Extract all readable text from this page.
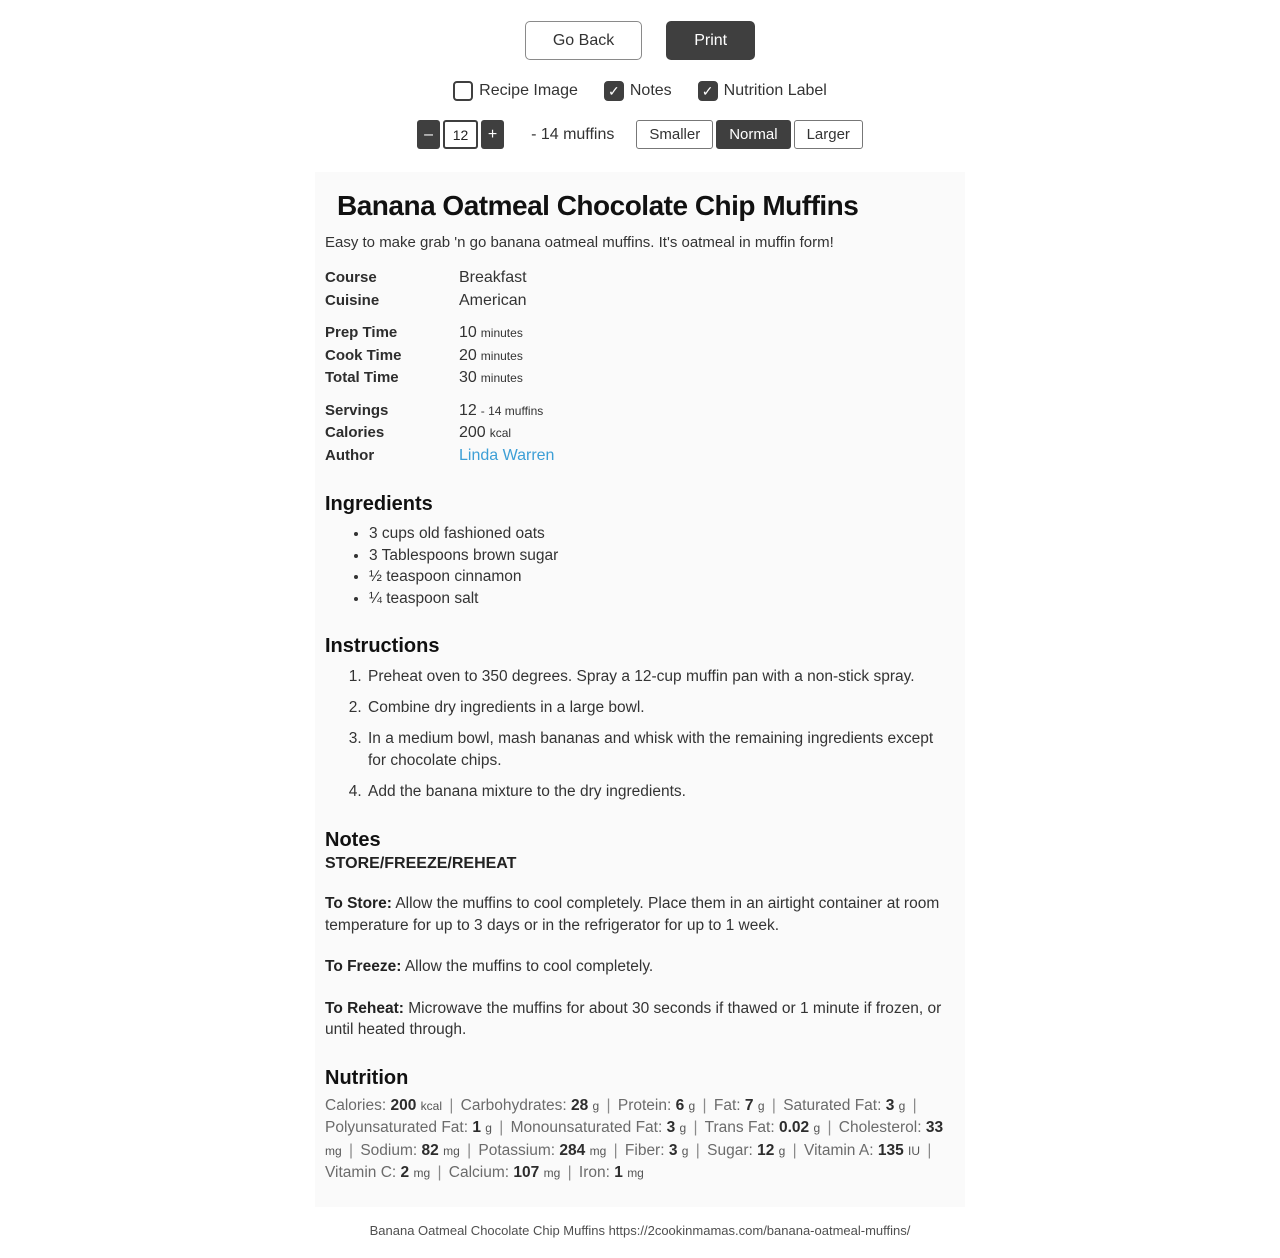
Go Back	Print
Recipe Image ✓ Notes ✓ Nutrition Label
–
12	+	- 14 muffins	Smaller	Normal	Larger
Banana Oatmeal Chocolate Chip Muffins

Easy to make grab 'n go banana oatmeal muffins. It's oatmeal in muffin form!

Course	Breakfast
Cuisine	American
Prep Time	10 minutes
Cook Time	20 minutes
Total Time	30 minutes
Servings	12 - 14 muffins
Calories	200 kcal
Author	Linda Warren
Ingredients
• 3 cups old fashioned oats
• 3 Tablespoons brown sugar
• ½ teaspoon cinnamon
• ¼ teaspoon salt
Instructions
1. Preheat oven to 350 degrees. Spray a 12-cup muffin pan with a non-stick spray.
2. Combine dry ingredients in a large bowl.
3. In a medium bowl, mash bananas and whisk with the remaining ingredients except for chocolate chips.
4. Add the banana mixture to the dry ingredients.
Notes
STORE/FREEZE/REHEAT

To Store: Allow the muffins to cool completely. Place them in an airtight container at room temperature for up to 3 days or in the refrigerator for up to 1 week.

To Freeze: Allow the muffins to cool completely.

To Reheat: Microwave the muffins for about 30 seconds if thawed or 1 minute if frozen, or until heated through.

Nutrition

Calories: 200 kcal | Carbohydrates: 28 g | Protein: 6 g | Fat: 7 g | Saturated Fat: 3 g | Polyunsaturated Fat: 1 g | Monounsaturated Fat: 3 g | Trans Fat: 0.02 g | Cholesterol: 33 mg | Sodium: 82 mg | Potassium: 284 mg | Fiber: 3 g | Sugar: 12 g | Vitamin A: 135 IU | Vitamin C: 2 mg | Calcium: 107 mg | Iron: 1 mg

Banana Oatmeal Chocolate Chip Muffins https://2cookinmamas.com/banana-oatmeal-muffins/
